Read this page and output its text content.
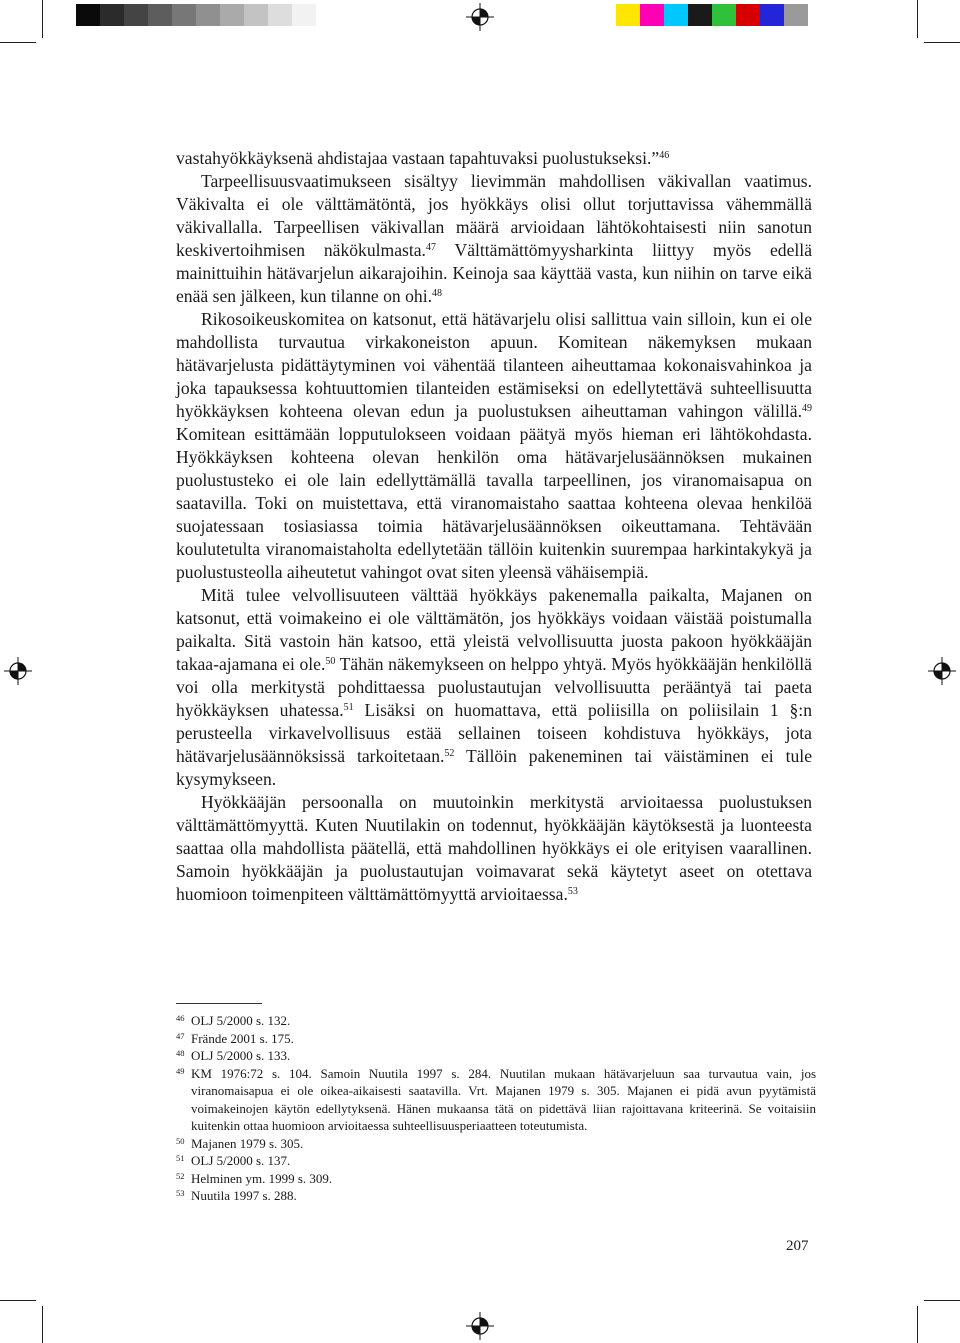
vastahyökkäyksenä ahdistajaa vastaan tapahtuvaksi puolustukseksi.”$^{46}$

Tarpeellisuusvaatimukseen sisältyy lievimmän mahdollisen väkivallan vaatimus. Väkivalta ei ole välttämätöntä, jos hyökkäys olisi ollut torjuttavissa vähemmällä väkivallalla. Tarpeellisen väkivallan määrä arvioidaan lähtökohtaisesti niin sanotun keskivertoihmisen näkökulmasta.$^{47}$ Välttämättömyysharkinta liittyy myös edellä mainittuihin hätävarjelun aikarajoihin. Keinoja saa käyttää vasta, kun niihin on tarve eikä enää sen jälkeen, kun tilanne on ohi.$^{48}$

Rikosoikeuskomitea on katsonut, että hätävarjelu olisi sallittua vain silloin, kun ei ole mahdollista turvautua virkakoneiston apuun. Komitean näkemyksen mukaan hätävarjelusta pidättäytyminen voi vähentää tilanteen aiheuttamaa kokonaisvahinkoa ja joka tapauksessa kohtuuttomien tilanteiden estämiseksi on edellytettävä suhteellisuutta hyökkäyksen kohteena olevan edun ja puolustuksen aiheuttaman vahingon välillä.$^{49}$ Komitean esittämään lopputulokseen voidaan päätyä myös hieman eri lähtökohdasta. Hyökkäyksen kohteena olevan henkilön oma hätävarjelusäännöksen mukainen puolustusteko ei ole lain edellyttämällä tavalla tarpeellinen, jos viranomaisapua on saatavilla. Toki on muistettava, että viranomaistaho saattaa kohteena olevaa henkilöä suojatessaan tosiasiassa toimia hätävarjelusäännöksen oikeuttamana. Tehtävään koulutetulta viranomaistaholta edellytetään tällöin kuitenkin suurempaa harkintakykyä ja puolustusteolla aiheutetut vahingot ovat siten yleensä vähäisempiä.

Mitä tulee velvollisuuteen välttää hyökkäys pakenemalla paikalta, Majanen on katsonut, että voimakeino ei ole välttämätön, jos hyökkäys voidaan väistää poistumalla paikalta. Sitä vastoin hän katsoo, että yleistä velvollisuutta juosta pakoon hyökkääjän takaa-ajamana ei ole.$^{50}$ Tähän näkemykseen on helppo yhtyä. Myös hyökkääjän henkilöllä voi olla merkitystä pohdittaessa puolustautujan velvollisuutta perääntyä tai paeta hyökkäyksen uhatessa.$^{51}$ Lisäksi on huomattava, että poliisilla on poliisilain 1 §:n perusteella virkavelvollisuus estää sellainen toiseen kohdistuva hyökkäys, jota hätävarjelusäännöksissä tarkoitetaan.$^{52}$ Tällöin pakeneminen tai väistäminen ei tule kysymykseen.

Hyökkääjän persoonalla on muutoinkin merkitystä arvioitaessa puolustuksen välttämättömyyttä. Kuten Nuutilakin on todennut, hyökkääjän käytöksestä ja luonteesta saattaa olla mahdollista päätellä, että mahdollinen hyökkäys ei ole erityisen vaarallinen. Samoin hyökkääjän ja puolustautujan voimavarat sekä käytetyt aseet on otettava huomioon toimenpiteen välttämättömyyttä arvioitaessa.$^{53}$

46 OLJ 5/2000 s. 132.
47 Frände 2001 s. 175.
48 OLJ 5/2000 s. 133.
49 KM 1976:72 s. 104. Samoin Nuutila 1997 s. 284. Nuutilan mukaan hätävarjeluun saa turvautua vain, jos viranomaisapua ei ole oikea-aikaisesti saatavilla. Vrt. Majanen 1979 s. 305. Majanen ei pidä avun pyytämistä voimakeinojen käytön edellytyksenä. Hänen mukaansa tätä on pidettävä liian rajoittavana kriteerinä. Se voitaisiin kuitenkin ottaa huomioon arvioitaessa suhteellisuusperiaatteen toteutumista.
50 Majanen 1979 s. 305.
51 OLJ 5/2000 s. 137.
52 Helminen ym. 1999 s. 309.
53 Nuutila 1997 s. 288.
207
